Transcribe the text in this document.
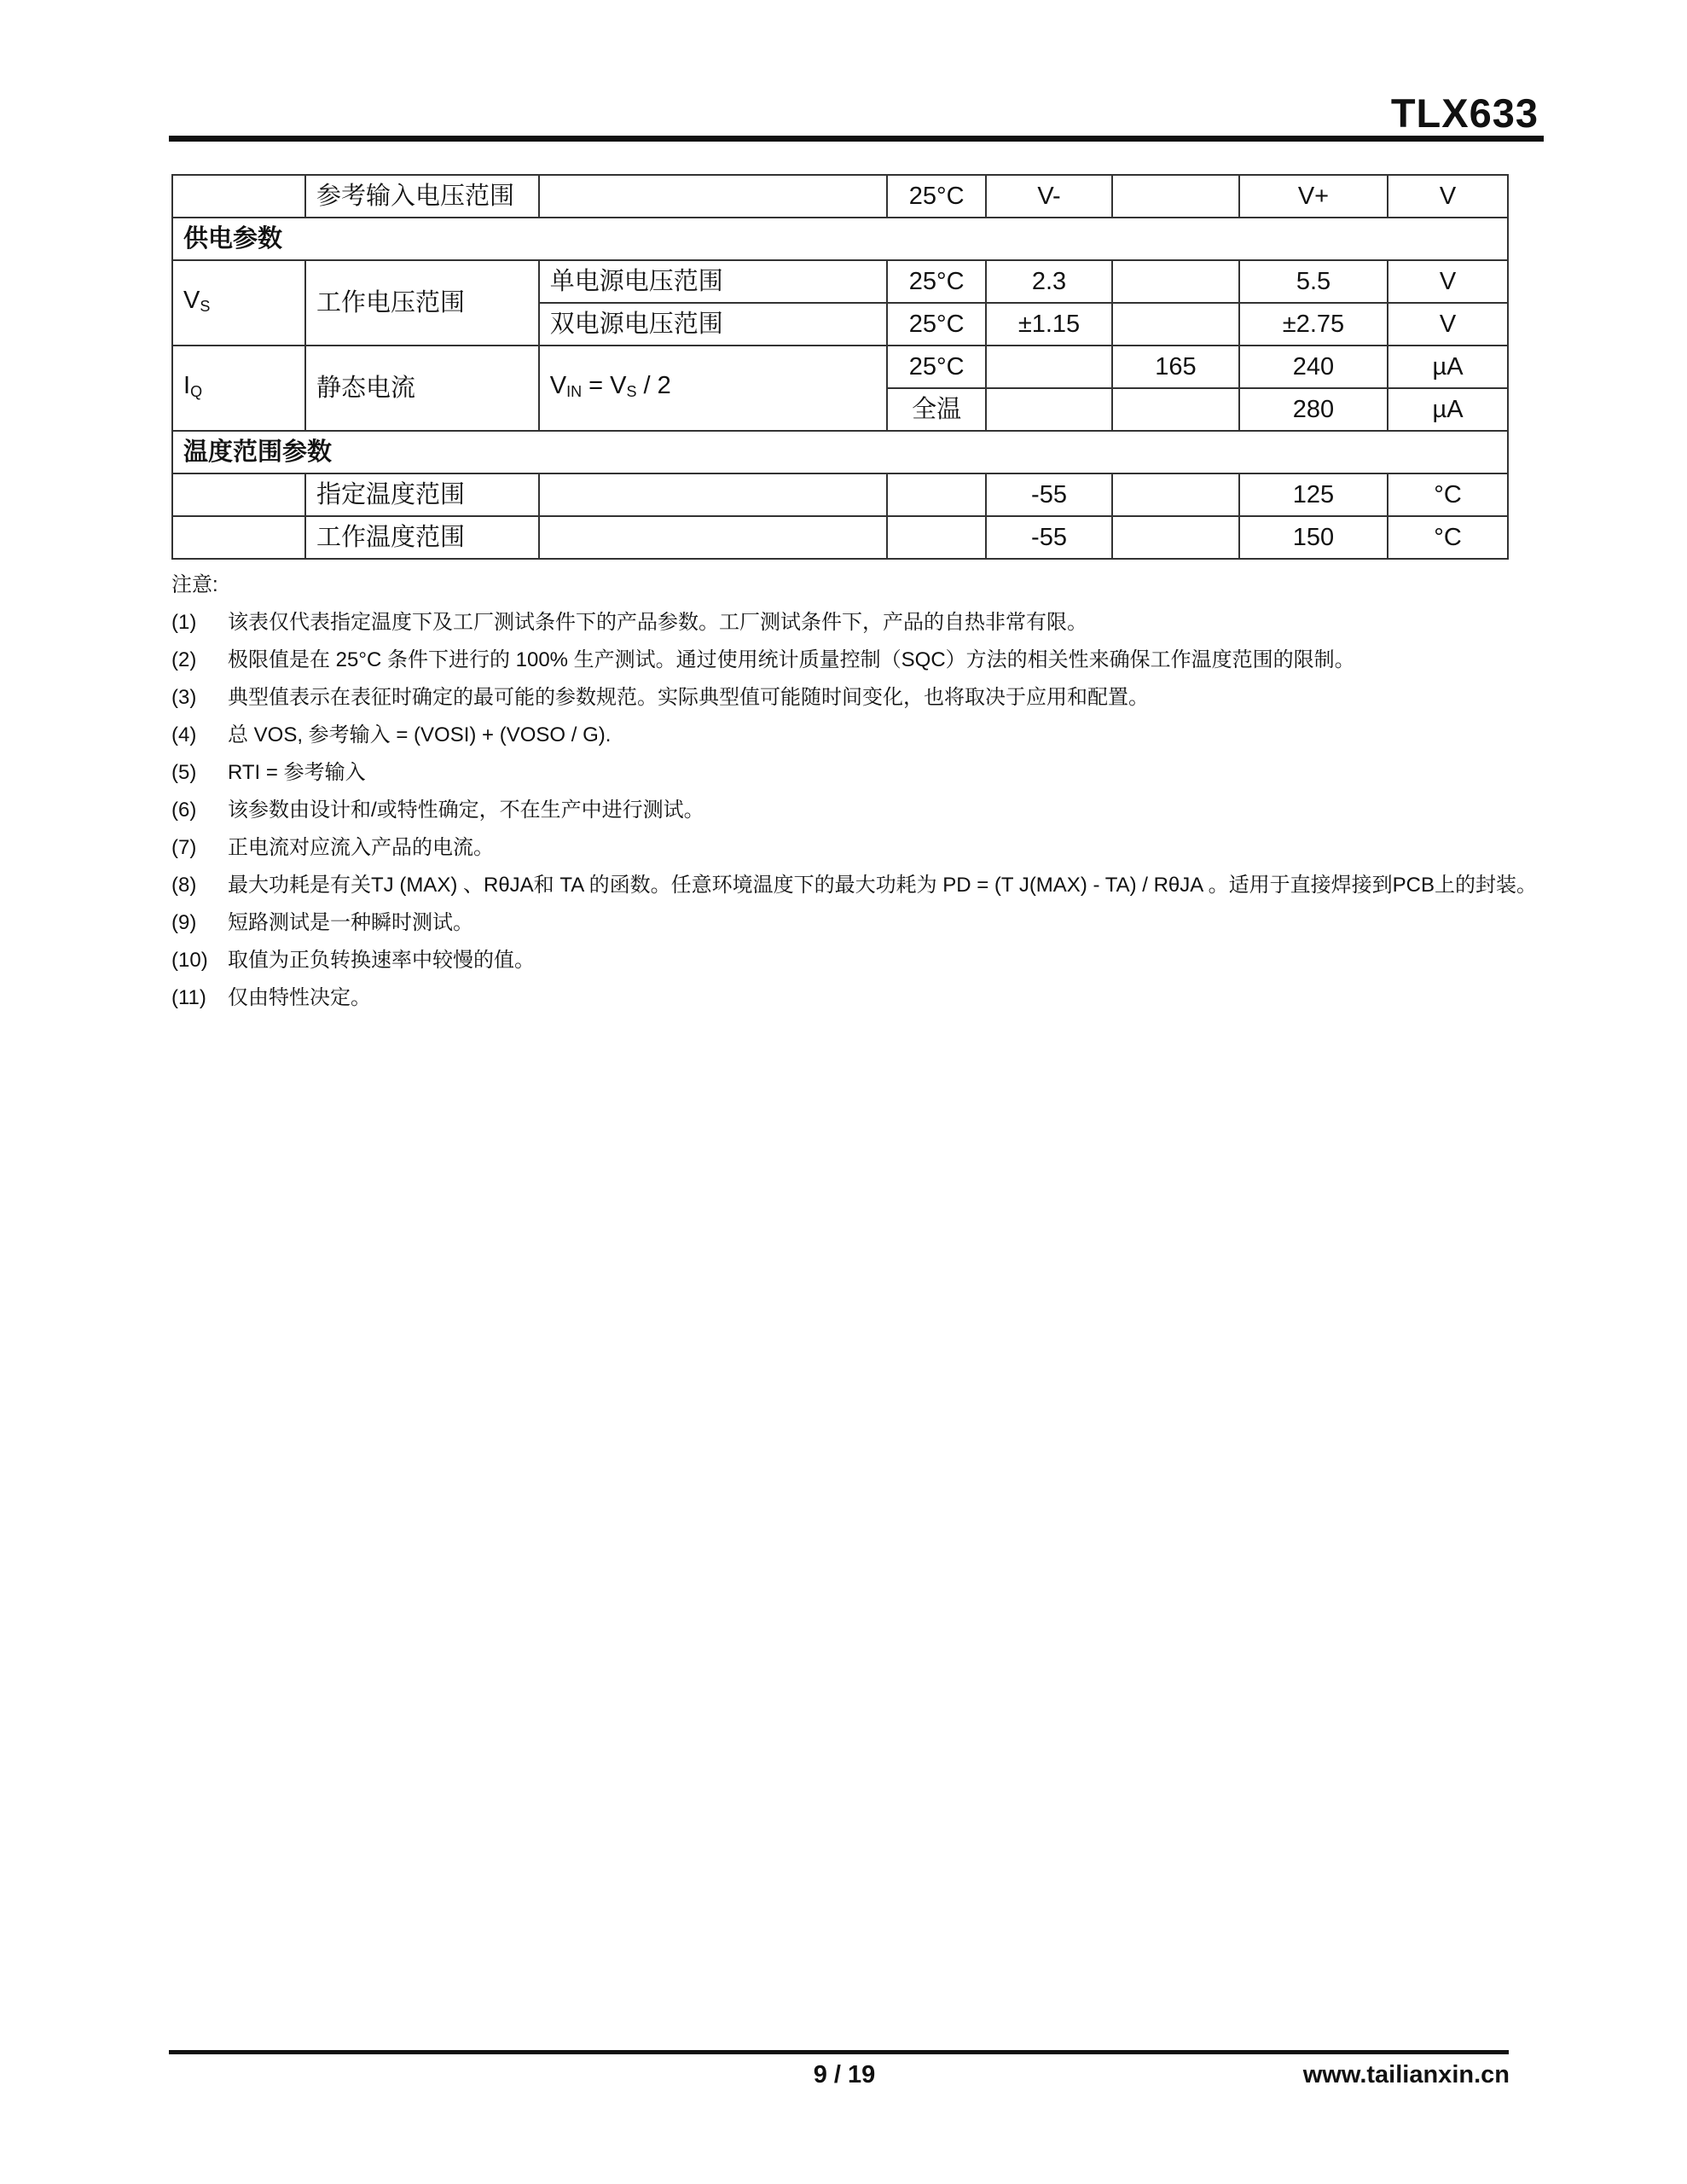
TLX633
	参考输入电压范围		25°C	V-		V+	V
供电参数							
$V_S$	工作电压范围	单电源电压范围	25°C	2.3		5.5	V
		双电源电压范围	25°C	±1.15		±2.75	V
$I_Q$	静态电流	$V_{IN} = V_S / 2$	25°C		165	240	µA
			全温			280	µA
温度范围参数							
	指定温度范围			-55		125	°C
	工作温度范围			-55		150	°C
注意:
(1)	该表仅代表指定温度下及工厂测试条件下的产品参数。工厂测试条件下，产品的自热非常有限。
(2)	极限值是在 25°C 条件下进行的 100% 生产测试。通过使用统计质量控制（SQC）方法的相关性来确保工作温度范围的限制。
(3)	典型值表示在表征时确定的最可能的参数规范。实际典型值可能随时间变化，也将取决于应用和配置。
(4)	总 VOS, 参考输入 = (VOSI) + (VOSO / G).
(5)	RTI = 参考输入
(6)	该参数由设计和/或特性确定，不在生产中进行测试。
(7)	正电流对应流入产品的电流。
(8)	最大功耗是有关TJ (MAX) 、RθJA和 TA 的函数。任意环境温度下的最大功耗为 PD = (T J(MAX) - TA) / RθJA 。适用于直接焊接到PCB上的封装。
(9)	短路测试是一种瞬时测试。
(10) 取值为正负转换速率中较慢的值。
(11)	仅由特性决定。
9 / 19	www.tailianxin.cn
